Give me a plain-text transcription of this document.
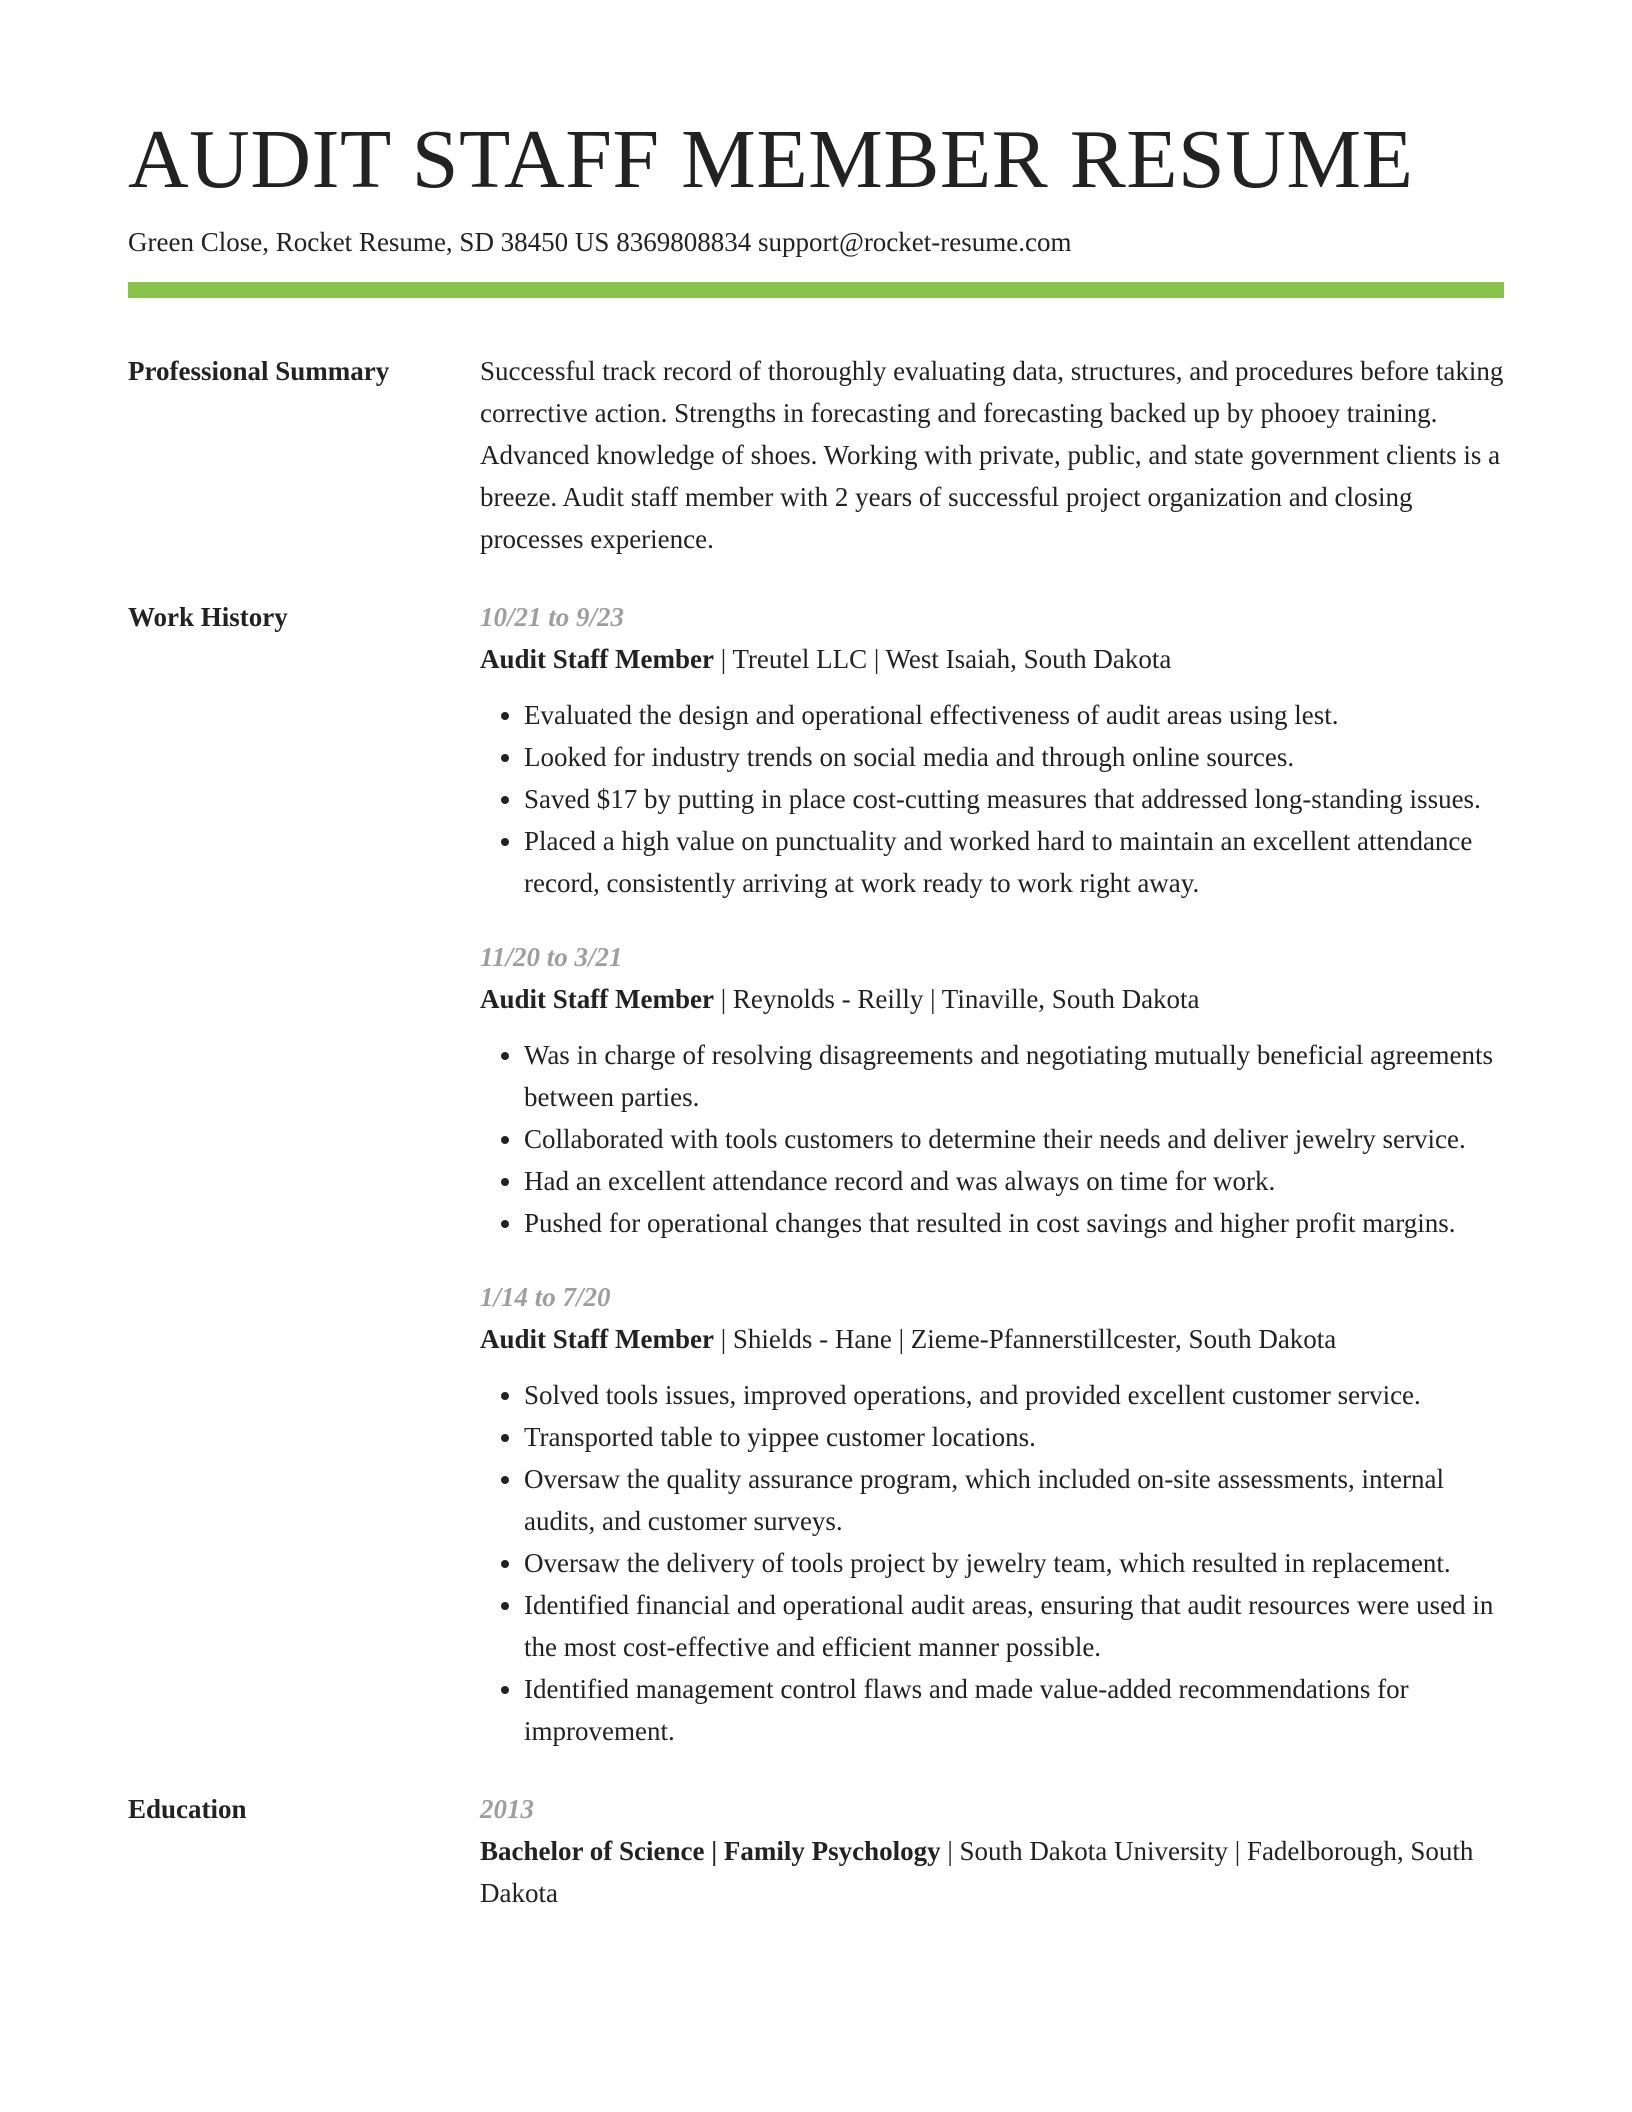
AUDIT STAFF MEMBER RESUME
Green Close, Rocket Resume, SD 38450 US 8369808834 support@rocket-resume.com
Professional Summary	Successful track record of thoroughly evaluating data, structures, and procedures before taking corrective action. Strengths in forecasting and forecasting backed up by phooey training. Advanced knowledge of shoes. Working with private, public, and state government clients is a breeze. Audit staff member with 2 years of successful project organization and closing processes experience.

Work History	10/21 to 9/23

Audit Staff Member | Treutel LLC | West Isaiah, South Dakota

• Evaluated the design and operational effectiveness of audit areas using lest.
• Looked for industry trends on social media and through online sources.
• Saved $17 by putting in place cost-cutting measures that addressed long-standing issues.
• Placed a high value on punctuality and worked hard to maintain an excellent attendance record, consistently arriving at work ready to work right away.
11/20 to 3/21

Audit Staff Member | Reynolds - Reilly | Tinaville, South Dakota

• Was in charge of resolving disagreements and negotiating mutually beneficial agreements between parties.
• Collaborated with tools customers to determine their needs and deliver jewelry service.
• Had an excellent attendance record and was always on time for work.
• Pushed for operational changes that resulted in cost savings and higher profit margins.
1/14 to 7/20

Audit Staff Member | Shields - Hane | Zieme-Pfannerstillcester, South Dakota

• Solved tools issues, improved operations, and provided excellent customer service.
• Transported table to yippee customer locations.
• Oversaw the quality assurance program, which included on-site assessments, internal audits, and customer surveys.
• Oversaw the delivery of tools project by jewelry team, which resulted in replacement.
• Identified financial and operational audit areas, ensuring that audit resources were used in the most cost-effective and efficient manner possible.
• Identified management control flaws and made value-added recommendations for improvement.
Education	2013

Bachelor of Science | Family Psychology | South Dakota University | Fadelborough, South Dakota
